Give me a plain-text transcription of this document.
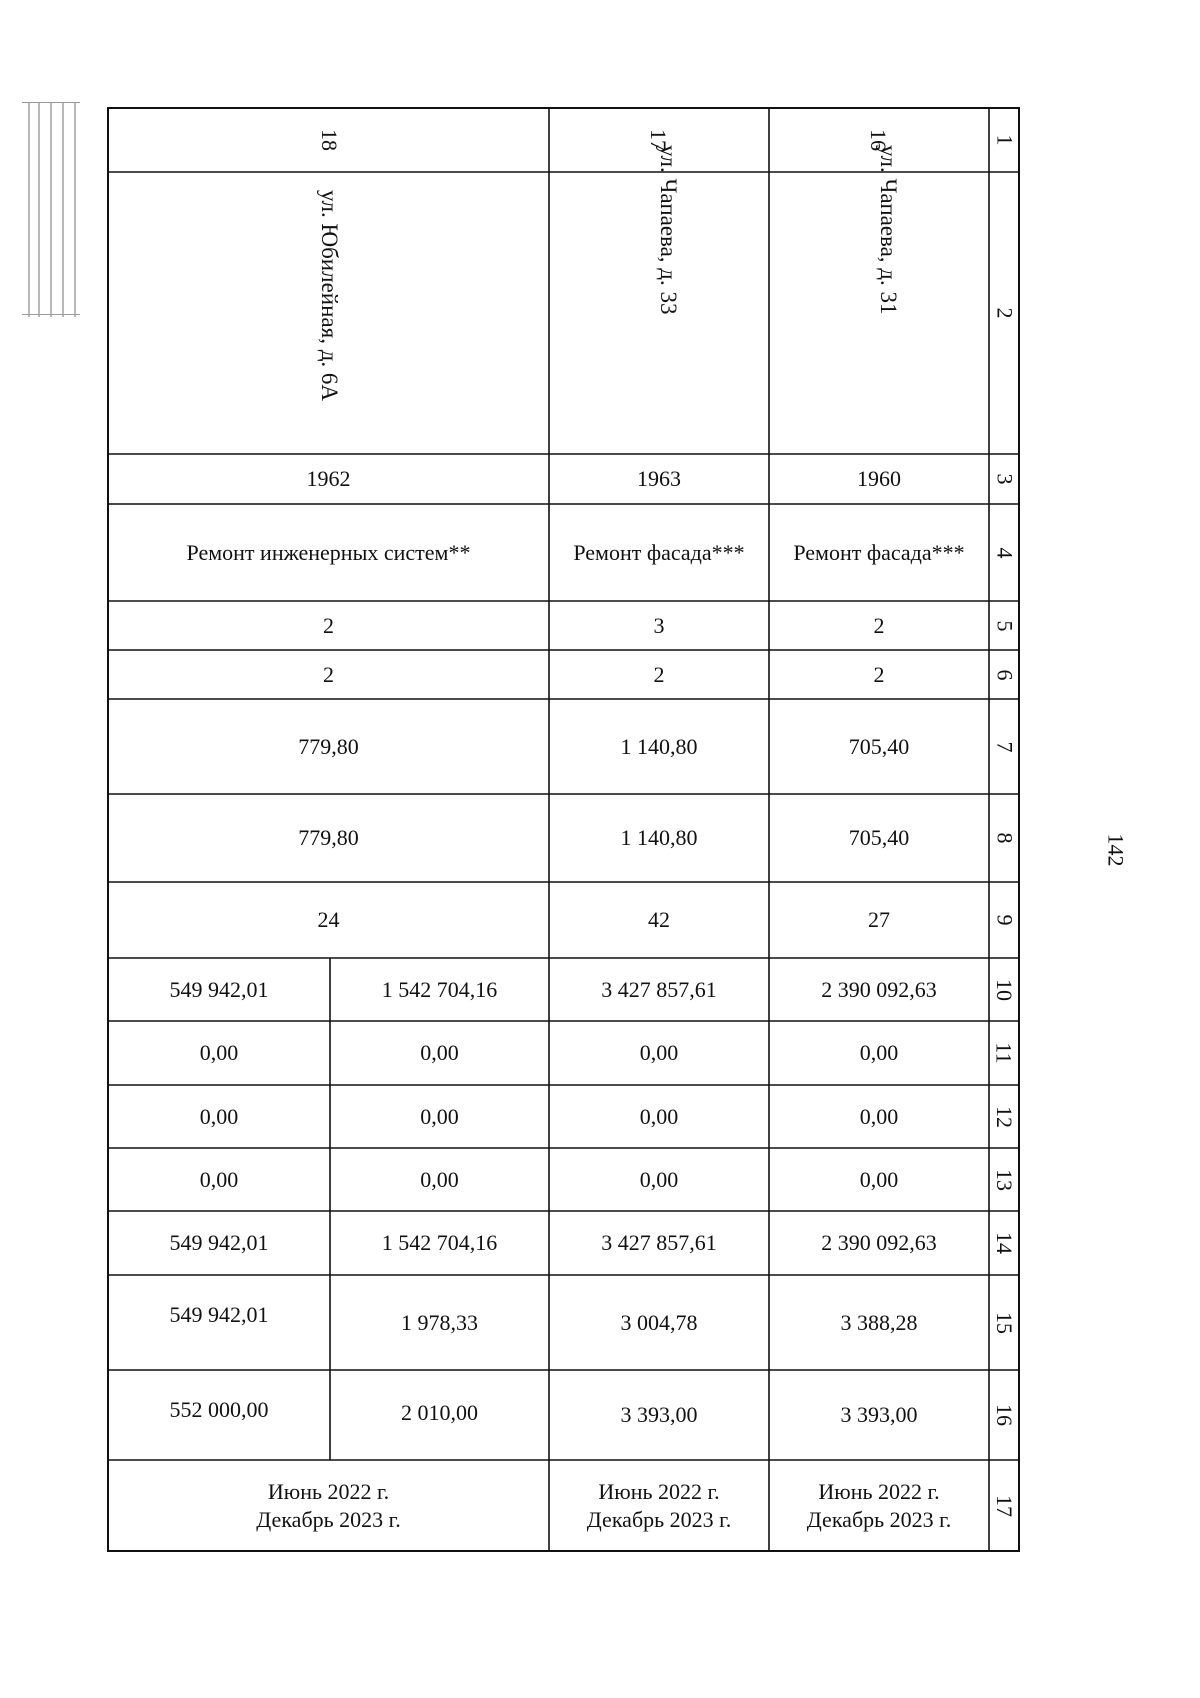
1
2
3
4
5
6
7
8
9
10
11
12
13
14
15
16
17
16
17
18
ул. Чапаева, д. 31
ул. Чапаева, д. 33
ул. Юбилейная, д. 6А
1960
1963
1962
Ремонт фасада***
Ремонт фасада***
Ремонт инженерных систем**
2
3
2
2
2
2
705,40
1 140,80
779,80
705,40
1 140,80
779,80
27
42
24
2 390 092,63
3 427 857,61
1 542 704,16
549 942,01
0,00
0,00
0,00
0,00
0,00
0,00
0,00
0,00
0,00
0,00
0,00
0,00
2 390 092,63
3 427 857,61
1 542 704,16
549 942,01
3 388,28
3 004,78
1 978,33
549 942,01
3 393,00
3 393,00
2 010,00
552 000,00
Июнь 2022 г.
Декабрь 2023 г.
Июнь 2022 г.
Декабрь 2023 г.
Июнь 2022 г.
Декабрь 2023 г.
142
